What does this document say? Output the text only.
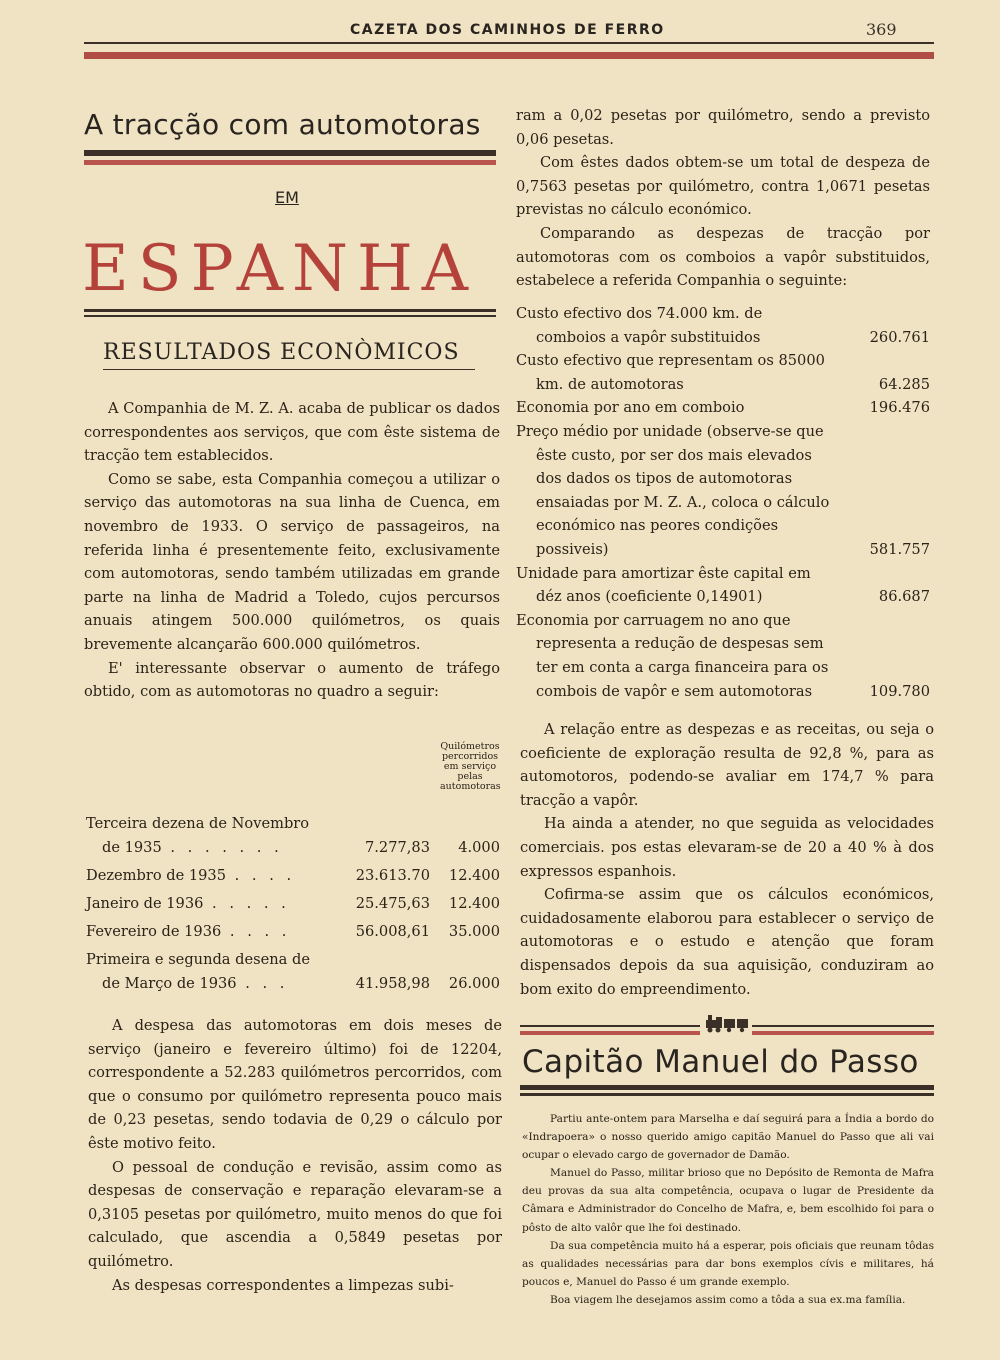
CAZETA DOS CAMINHOS DE FERRO	369
A tracção com automotoras
EM
ESPANHA
RESULTADOS ECONÒMICOS

A Companhia de M. Z. A. acaba de publicar os dados correspondentes aos serviços, que com êste sistema de tracção tem establecidos.

Como se sabe, esta Companhia começou a utilizar o serviço das automotoras na sua linha de Cuenca, em novembro de 1933. O serviço de passageiros, na referida linha é presentemente feito, exclusivamente com automotoras, sendo também utilizadas em grande parte na linha de Madrid a Toledo, cujos percursos anuais atingem 500.000 quilómetros, os quais brevemente alcançarão 600.000 quilómetros.

E' interessante observar o aumento de tráfego obtido, com as automotoras no quadro a seguir:

Quilómetros percorridos em serviço pelas automotoras
Terceira dezena de Novembro
de 1935 . . . . . . .	7.277,83 4.000
Dezembro de 1935 . . . .	23.613.70 12.400
Janeiro de 1936 . . . . .	25.475,63 12.400
Fevereiro de 1936 . . . .	56.008,61 35.000
Primeira e segunda desena de
de Março de 1936 . . .	41.958,98 26.000

A despesa das automotoras em dois meses de serviço (janeiro e fevereiro último) foi de 12204, correspondente a 52.283 quilómetros percorridos, com que o consumo por quilómetro representa pouco mais de 0,23 pesetas, sendo todavia de 0,29 o cálculo por êste motivo feito.

O pessoal de condução e revisão, assim como as despesas de conservação e reparação elevaram-se a 0,3105 pesetas por quilómetro, muito menos do que foi calculado, que ascendia a 0,5849 pesetas por quilómetro.

As despesas correspondentes a limpezas subi-

ram a 0,02 pesetas por quilómetro, sendo a previsto 0,06 pesetas.

Com êstes dados obtem-se um total de despeza de 0,7563 pesetas por quilómetro, contra 1,0671 pesetas previstas no cálculo económico.

Comparando as despezas de tracção por automotoras com os comboios a vapôr substituidos, estabelece a referida Companhia o seguinte:

Custo efectivo dos 74.000 km. de comboios a vapôr substituidos	260.761
Custo efectivo que representam os 85000 km. de automotoras	64.285
Economia por ano em comboio	196.476
Preço médio por unidade (observe-se que êste custo, por ser dos mais elevados dos dados os tipos de automotoras ensaiadas por M. Z. A., coloca o cálculo económico nas peores condições possiveis)	581.757
Unidade para amortizar êste capital em déz anos (coeficiente 0,14901)	86.687
Economia por carruagem no ano que representa a redução de despesas sem ter em conta a carga financeira para os combois de vapôr e sem automotoras	109.780

A relação entre as despezas e as receitas, ou seja o coeficiente de exploração resulta de 92,8 %, para as automotoros, podendo-se avaliar em 174,7 % para tracção a vapôr.

Ha ainda a atender, no que seguida as velocidades comerciais. pos estas elevaram-se de 20 a 40 % à dos expressos espanhois.

Cofirma-se assim que os cálculos económicos, cuidadosamente elaborou para establecer o serviço de automotoras e o estudo e atenção que foram dispensados depois da sua aquisição, conduziram ao bom exito do empreendimento.

Capitão Manuel do Passo

Partiu ante-ontem para Marselha e daí seguirá para a Índia a bordo do «Indrapoera» o nosso querido amigo capitão Manuel do Passo que ali vai ocupar o elevado cargo de governador de Damão.

Manuel do Passo, militar brioso que no Depósito de Remonta de Mafra deu provas da sua alta competência, ocupava o lugar de Presidente da Câmara e Administrador do Concelho de Mafra, e, bem escolhido foi para o pôsto de alto valôr que lhe foi destinado.

Da sua competência muito há a esperar, pois oficiais que reunam tôdas as qualidades necessárias para dar bons exemplos cívis e militares, há poucos e, Manuel do Passo é um grande exemplo.

Boa viagem lhe desejamos assim como a tôda a sua ex.ma família.
